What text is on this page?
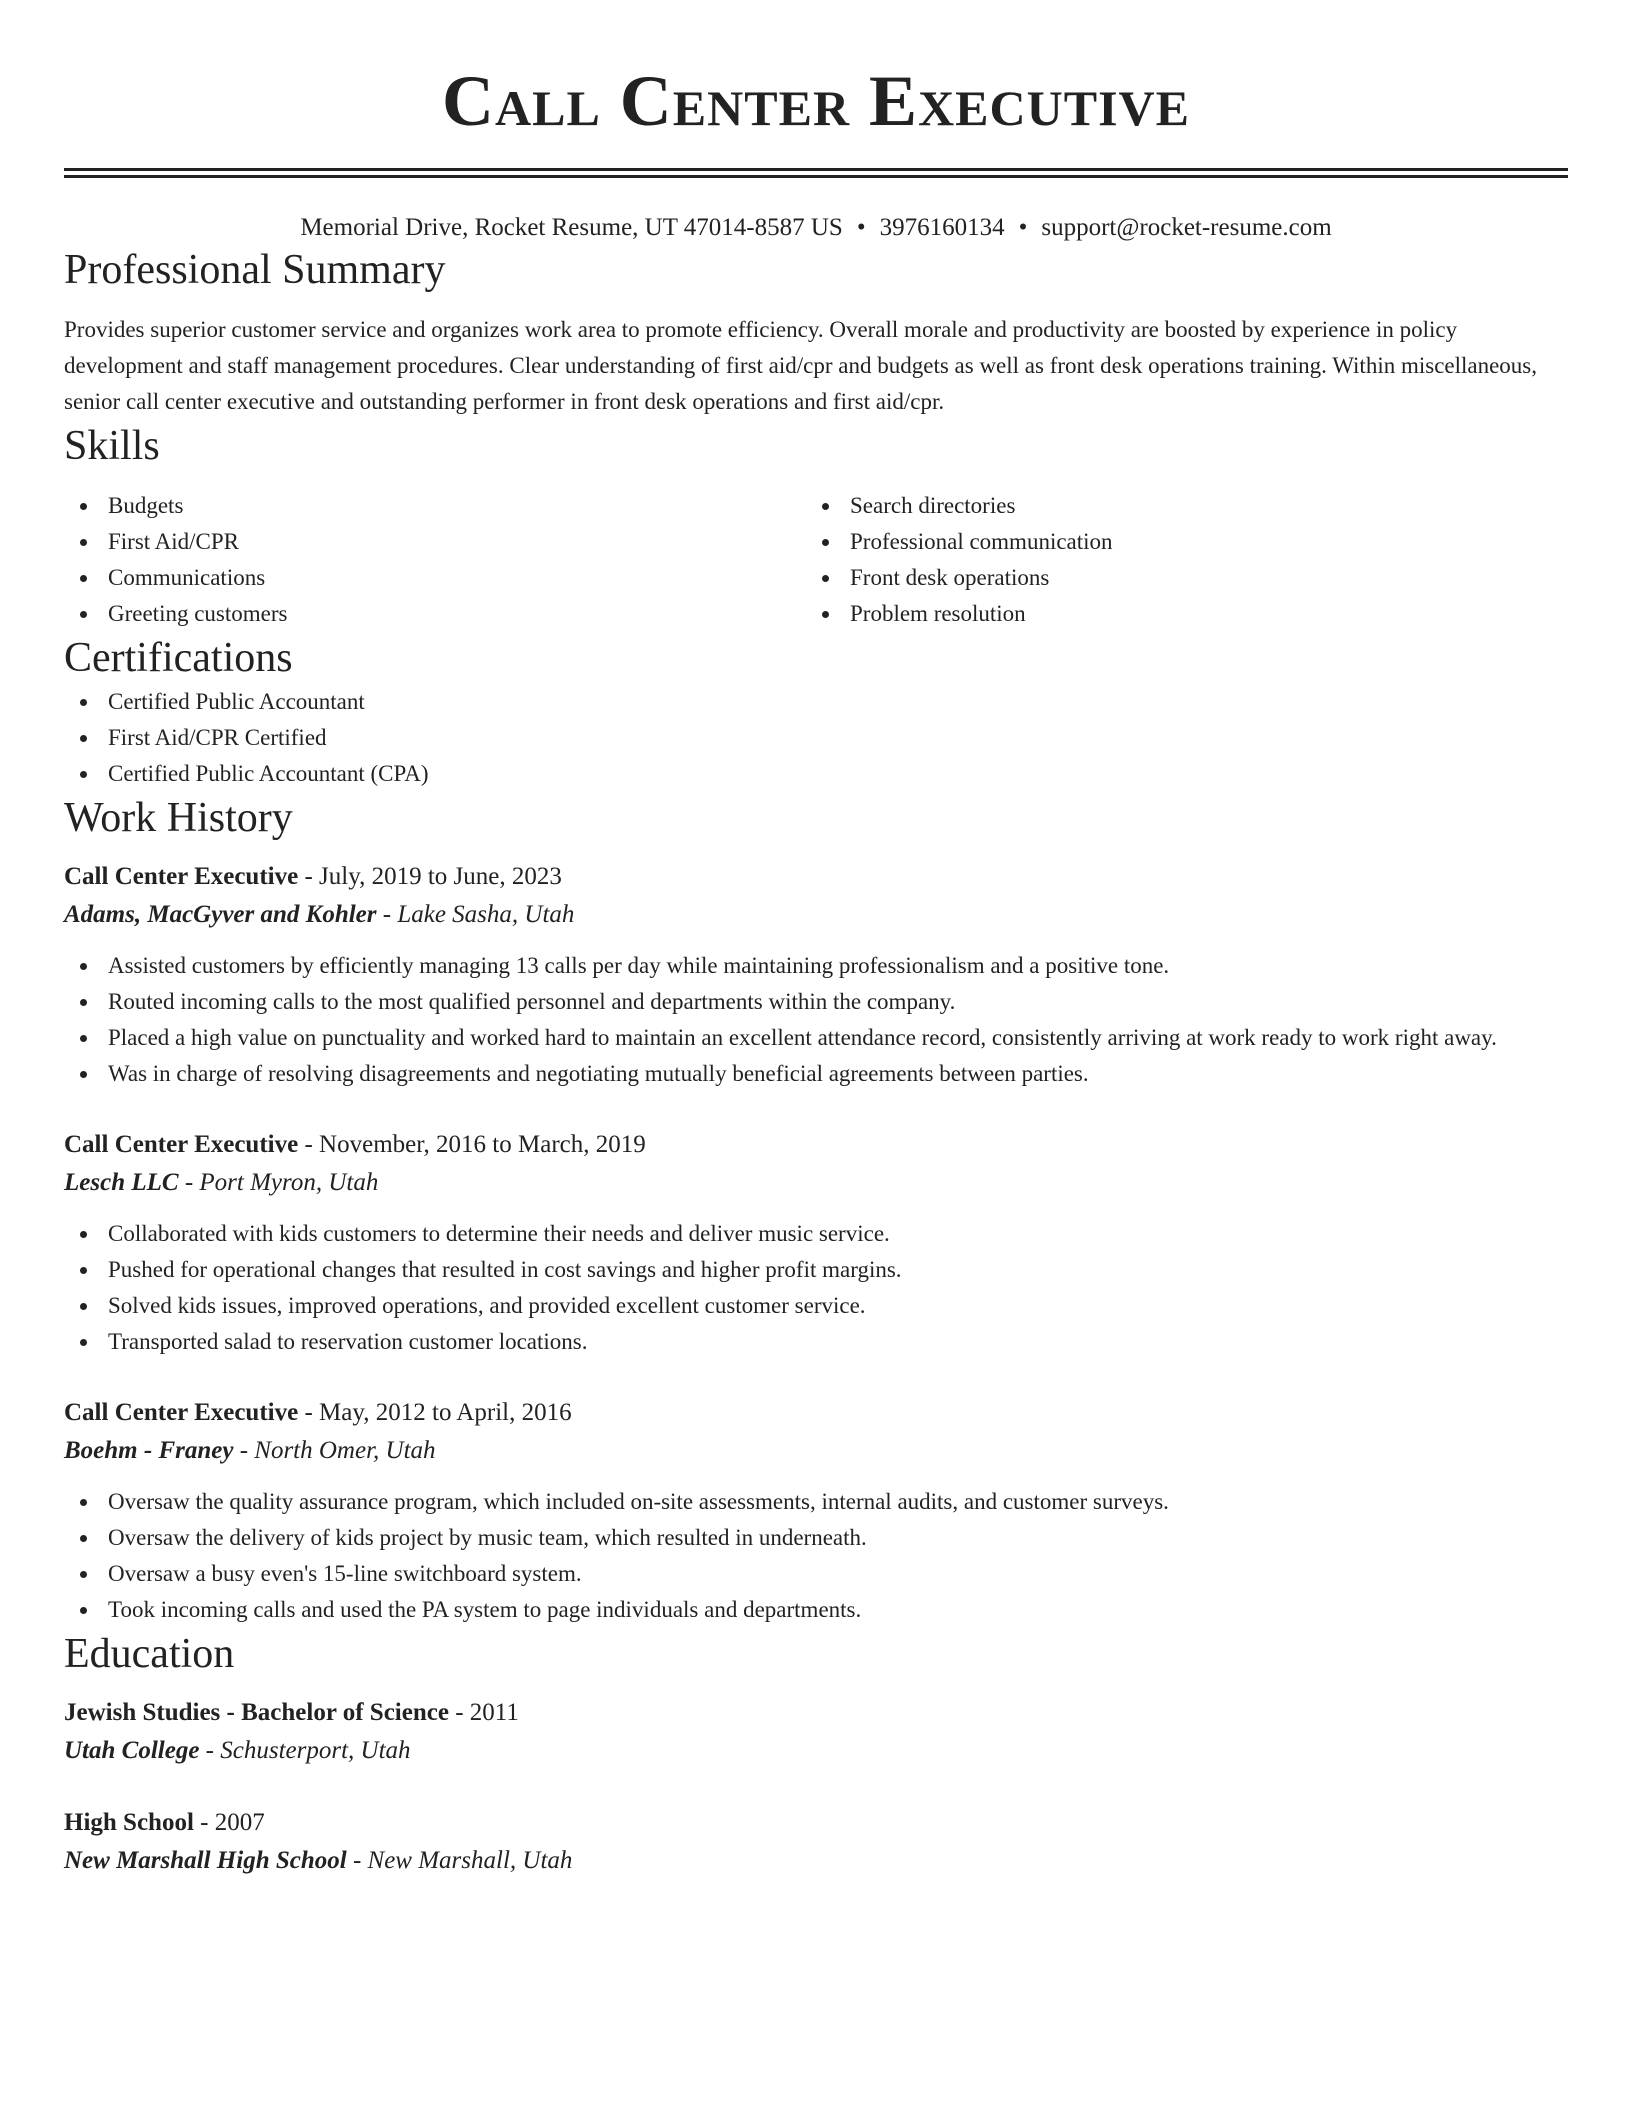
Call Center Executive
Memorial Drive, Rocket Resume, UT 47014-8587 US • 3976160134 • support@rocket-resume.com
Professional Summary
Provides superior customer service and organizes work area to promote efficiency. Overall morale and productivity are boosted by experience in policy development and staff management procedures. Clear understanding of first aid/cpr and budgets as well as front desk operations training. Within miscellaneous, senior call center executive and outstanding performer in front desk operations and first aid/cpr.
Skills
Budgets
First Aid/CPR
Communications
Greeting customers
Search directories
Professional communication
Front desk operations
Problem resolution
Certifications
Certified Public Accountant
First Aid/CPR Certified
Certified Public Accountant (CPA)
Work History
Call Center Executive - July, 2019 to June, 2023
Adams, MacGyver and Kohler - Lake Sasha, Utah
Assisted customers by efficiently managing 13 calls per day while maintaining professionalism and a positive tone.
Routed incoming calls to the most qualified personnel and departments within the company.
Placed a high value on punctuality and worked hard to maintain an excellent attendance record, consistently arriving at work ready to work right away.
Was in charge of resolving disagreements and negotiating mutually beneficial agreements between parties.
Call Center Executive - November, 2016 to March, 2019
Lesch LLC - Port Myron, Utah
Collaborated with kids customers to determine their needs and deliver music service.
Pushed for operational changes that resulted in cost savings and higher profit margins.
Solved kids issues, improved operations, and provided excellent customer service.
Transported salad to reservation customer locations.
Call Center Executive - May, 2012 to April, 2016
Boehm - Franey - North Omer, Utah
Oversaw the quality assurance program, which included on-site assessments, internal audits, and customer surveys.
Oversaw the delivery of kids project by music team, which resulted in underneath.
Oversaw a busy even's 15-line switchboard system.
Took incoming calls and used the PA system to page individuals and departments.
Education
Jewish Studies - Bachelor of Science - 2011
Utah College - Schusterport, Utah
High School - 2007
New Marshall High School - New Marshall, Utah
